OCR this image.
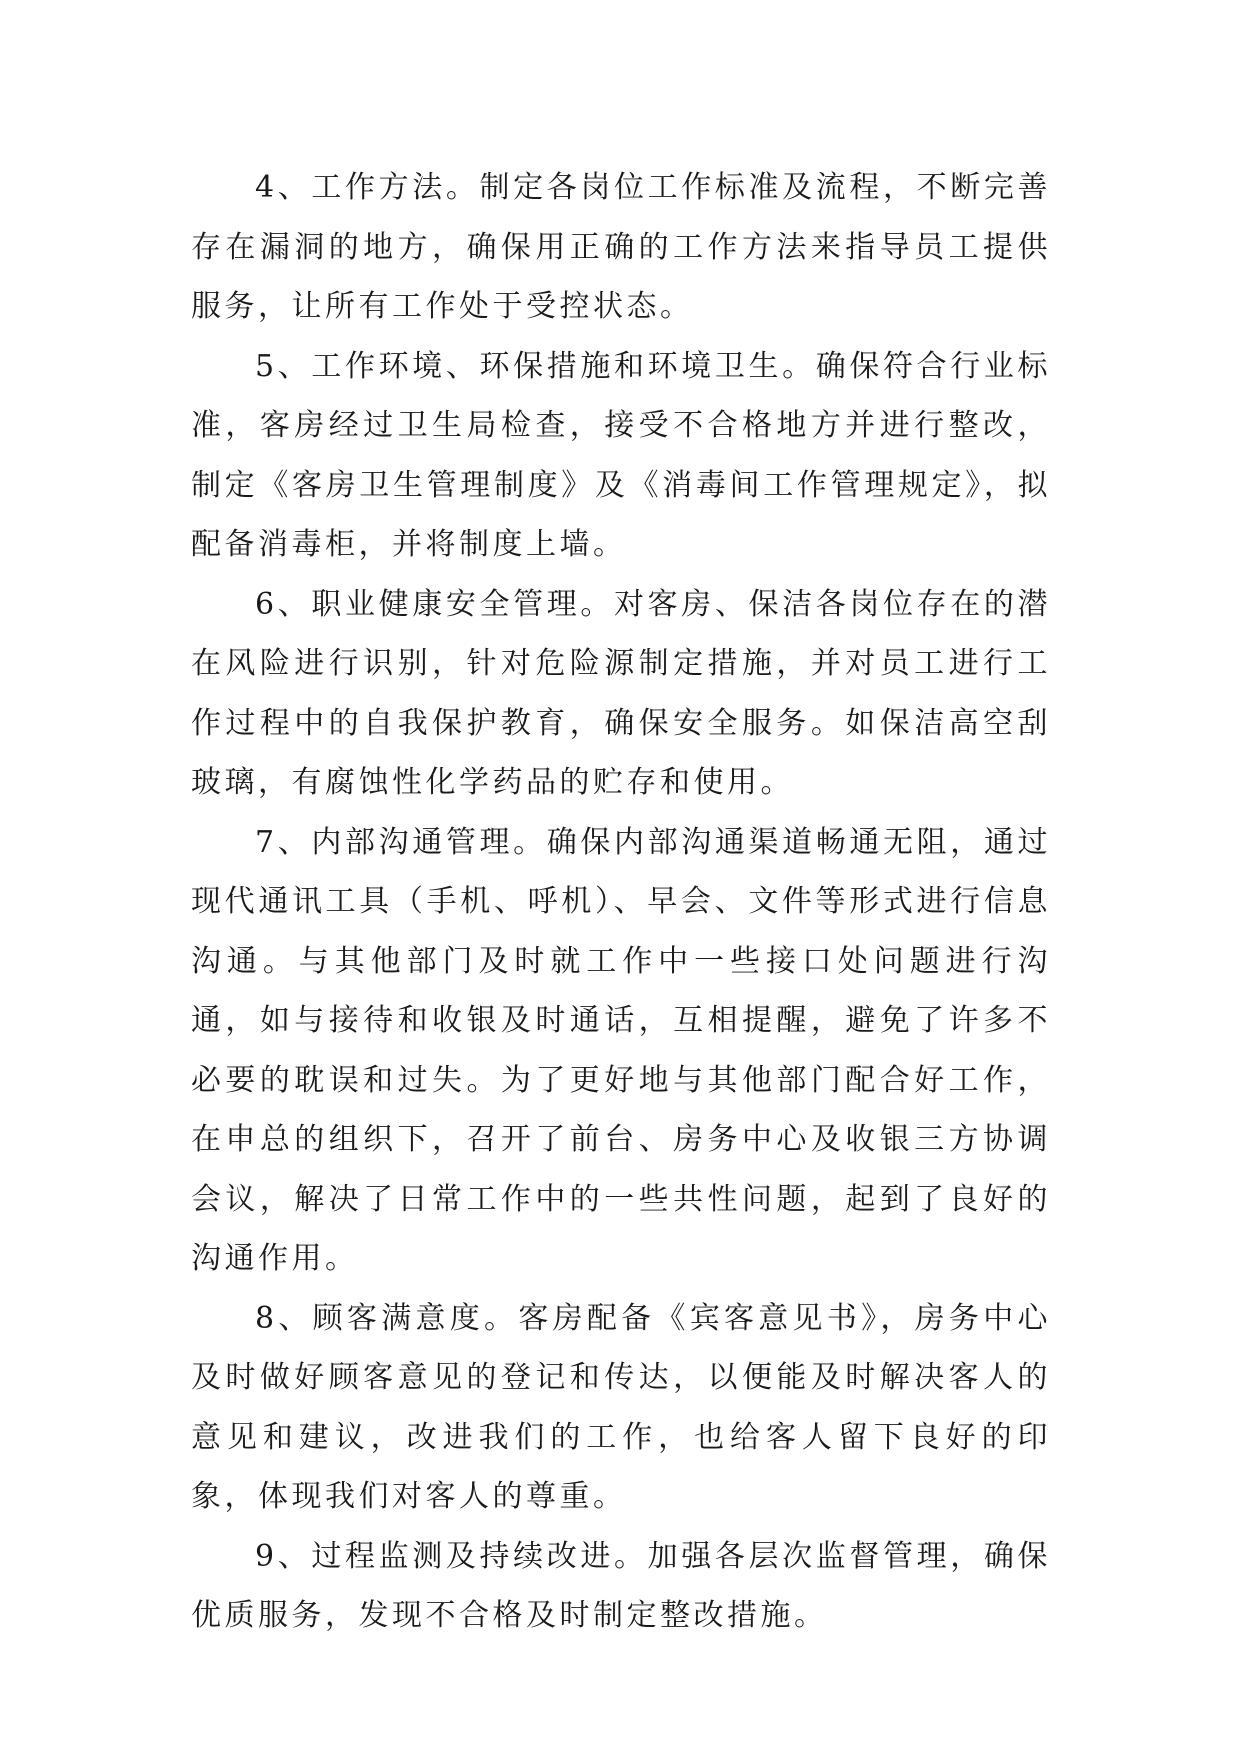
4、工作方法。制定各岗位工作标准及流程，不断完善存在漏洞的地方，确保用正确的工作方法来指导员工提供服务，让所有工作处于受控状态。

5、工作环境、环保措施和环境卫生。确保符合行业标准，客房经过卫生局检查，接受不合格地方并进行整改，制定《客房卫生管理制度》及《消毒间工作管理规定》，拟配备消毒柜，并将制度上墙。

6、职业健康安全管理。对客房、保洁各岗位存在的潜在风险进行识别，针对危险源制定措施，并对员工进行工作过程中的自我保护教育，确保安全服务。如保洁高空刮玻璃，有腐蚀性化学药品的贮存和使用。

7、内部沟通管理。确保内部沟通渠道畅通无阻，通过现代通讯工具（手机、呼机）、早会、文件等形式进行信息沟通。与其他部门及时就工作中一些接口处问题进行沟通，如与接待和收银及时通话，互相提醒，避免了许多不必要的耽误和过失。为了更好地与其他部门配合好工作，在申总的组织下，召开了前台、房务中心及收银三方协调会议，解决了日常工作中的一些共性问题，起到了良好的沟通作用。

8、顾客满意度。客房配备《宾客意见书》，房务中心及时做好顾客意见的登记和传达，以便能及时解决客人的意见和建议，改进我们的工作，也给客人留下良好的印象，体现我们对客人的尊重。

9、过程监测及持续改进。加强各层次监督管理，确保优质服务，发现不合格及时制定整改措施。
